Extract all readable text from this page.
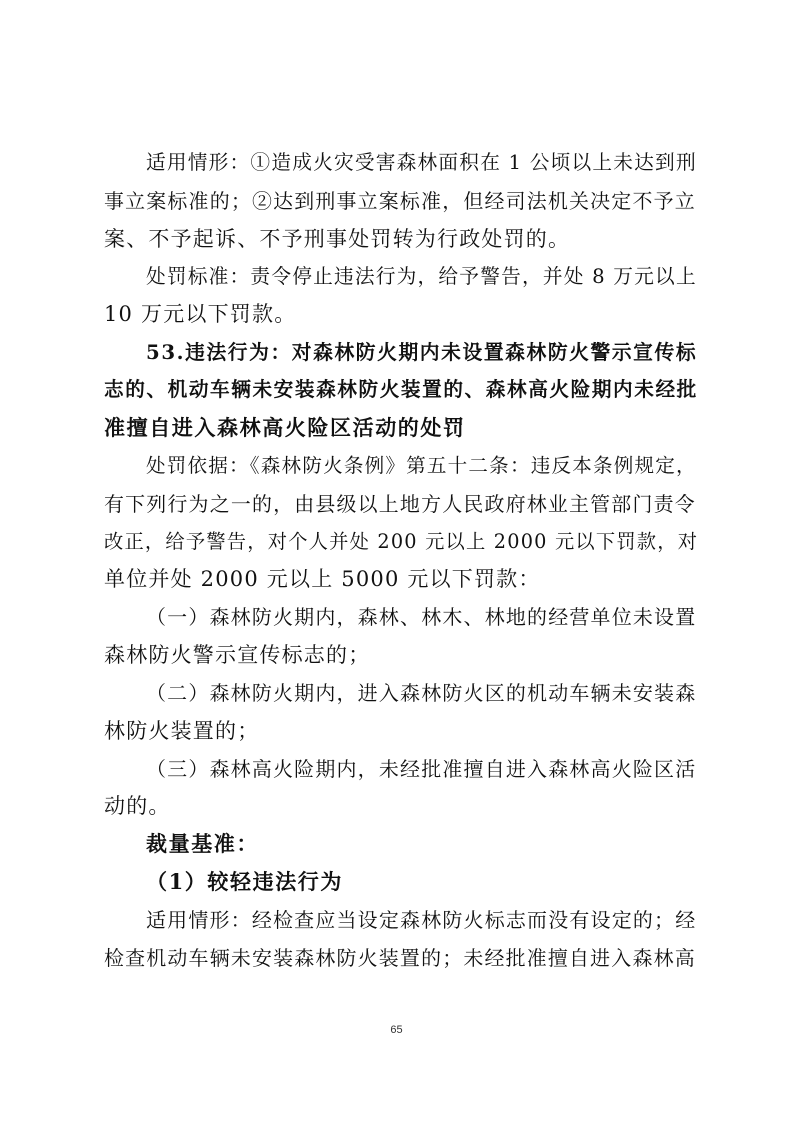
适用情形：①造成火灾受害森林面积在 1 公顷以上未达到刑
事立案标准的；②达到刑事立案标准，但经司法机关决定不予立
案、不予起诉、不予刑事处罚转为行政处罚的。
处罚标准：责令停止违法行为，给予警告，并处 8 万元以上
10 万元以下罚款。
53.违法行为：对森林防火期内未设置森林防火警示宣传标
志的、机动车辆未安装森林防火装置的、森林高火险期内未经批
准擅自进入森林高火险区活动的处罚
处罚依据：《森林防火条例》第五十二条：违反本条例规定，
有下列行为之一的，由县级以上地方人民政府林业主管部门责令
改正，给予警告，对个人并处 200 元以上 2000 元以下罚款，对
单位并处 2000 元以上 5000 元以下罚款：
（一）森林防火期内，森林、林木、林地的经营单位未设置
森林防火警示宣传标志的；
（二）森林防火期内，进入森林防火区的机动车辆未安装森
林防火装置的；
（三）森林高火险期内，未经批准擅自进入森林高火险区活
动的。
裁量基准：
（1）较轻违法行为
适用情形：经检查应当设定森林防火标志而没有设定的；经
检查机动车辆未安装森林防火装置的；未经批准擅自进入森林高
65
